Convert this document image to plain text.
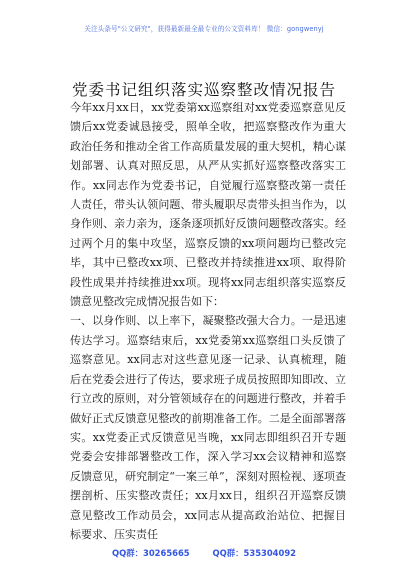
关注头条号"公文研究"，获得最新最全最专业的公文资料库！ 微信：gongwenyj
党委书记组织落实巡察整改情况报告

今年xx月xx日，xx党委第xx巡察组对xx党委巡察意见反馈后xx党委诚恳接受，照单全收，把巡察整改作为重大政治任务和推动全省工作高质量发展的重大契机，精心谋划部署、认真对照反思，从严从实抓好巡察整改落实工作。xx同志作为党委书记，自觉履行巡察整改第一责任人责任，带头认领问题、带头履职尽责带头担当作为，以身作则、亲力亲为，逐条逐项抓好反馈问题整改落实。经过两个月的集中攻坚，巡察反馈的xx项问题均已整改完毕，其中已整改xx项、已整改并持续推进xx项、取得阶段性成果并持续推进xx项。现将xx同志组织落实巡察反馈意见整改完成情况报告如下：

一、以身作则、以上率下，凝聚整改强大合力。一是迅速传达学习。巡察结束后，xx党委第xx巡察组口头反馈了巡察意见。xx同志对这些意见逐一记录、认真梳理，随后在党委会进行了传达，要求班子成员按照即知即改、立行立改的原则，对分管领域存在的问题进行整改，并着手做好正式反馈意见整改的前期准备工作。二是全面部署落实。xx党委正式反馈意见当晚，xx同志即组织召开专题党委会安排部署整改工作，深入学习xx会议精神和巡察反馈意见，研究制定“一案三单”，深刻对照检视、逐项查摆剖析、压实整改责任；xx月xx日，组织召开巡察反馈意见整改工作动员会，xx同志从提高政治站位、把握目标要求、压实责任

QQ群：30265665	QQ群：535304092
